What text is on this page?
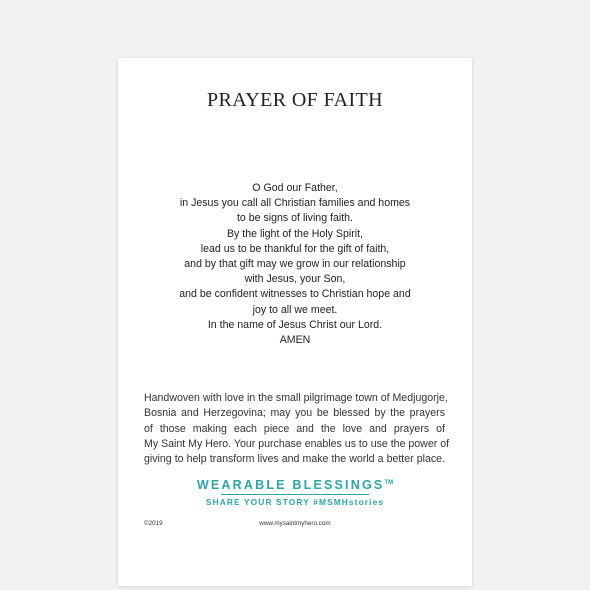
PRAYER OF FAITH
O God our Father,
in Jesus you call all Christian families and homes
to be signs of living faith.
By the light of the Holy Spirit,
lead us to be thankful for the gift of faith,
and by that gift may we grow in our relationship
with Jesus, your Son,
and be confident witnesses to Christian hope and
joy to all we meet.
In the name of Jesus Christ our Lord.
AMEN
Handwoven with love in the small pilgrimage town of Medjugorje,
Bosnia and Herzegovina; may you be blessed by the prayers
of those making each piece and the love and prayers of
My Saint My Hero. Your purchase enables us to use the power of
giving to help transform lives and make the world a better place.
WEARABLE BLESSINGS™
SHARE YOUR STORY #MSMHstories
©2019	www.mysaintmyhero.com
